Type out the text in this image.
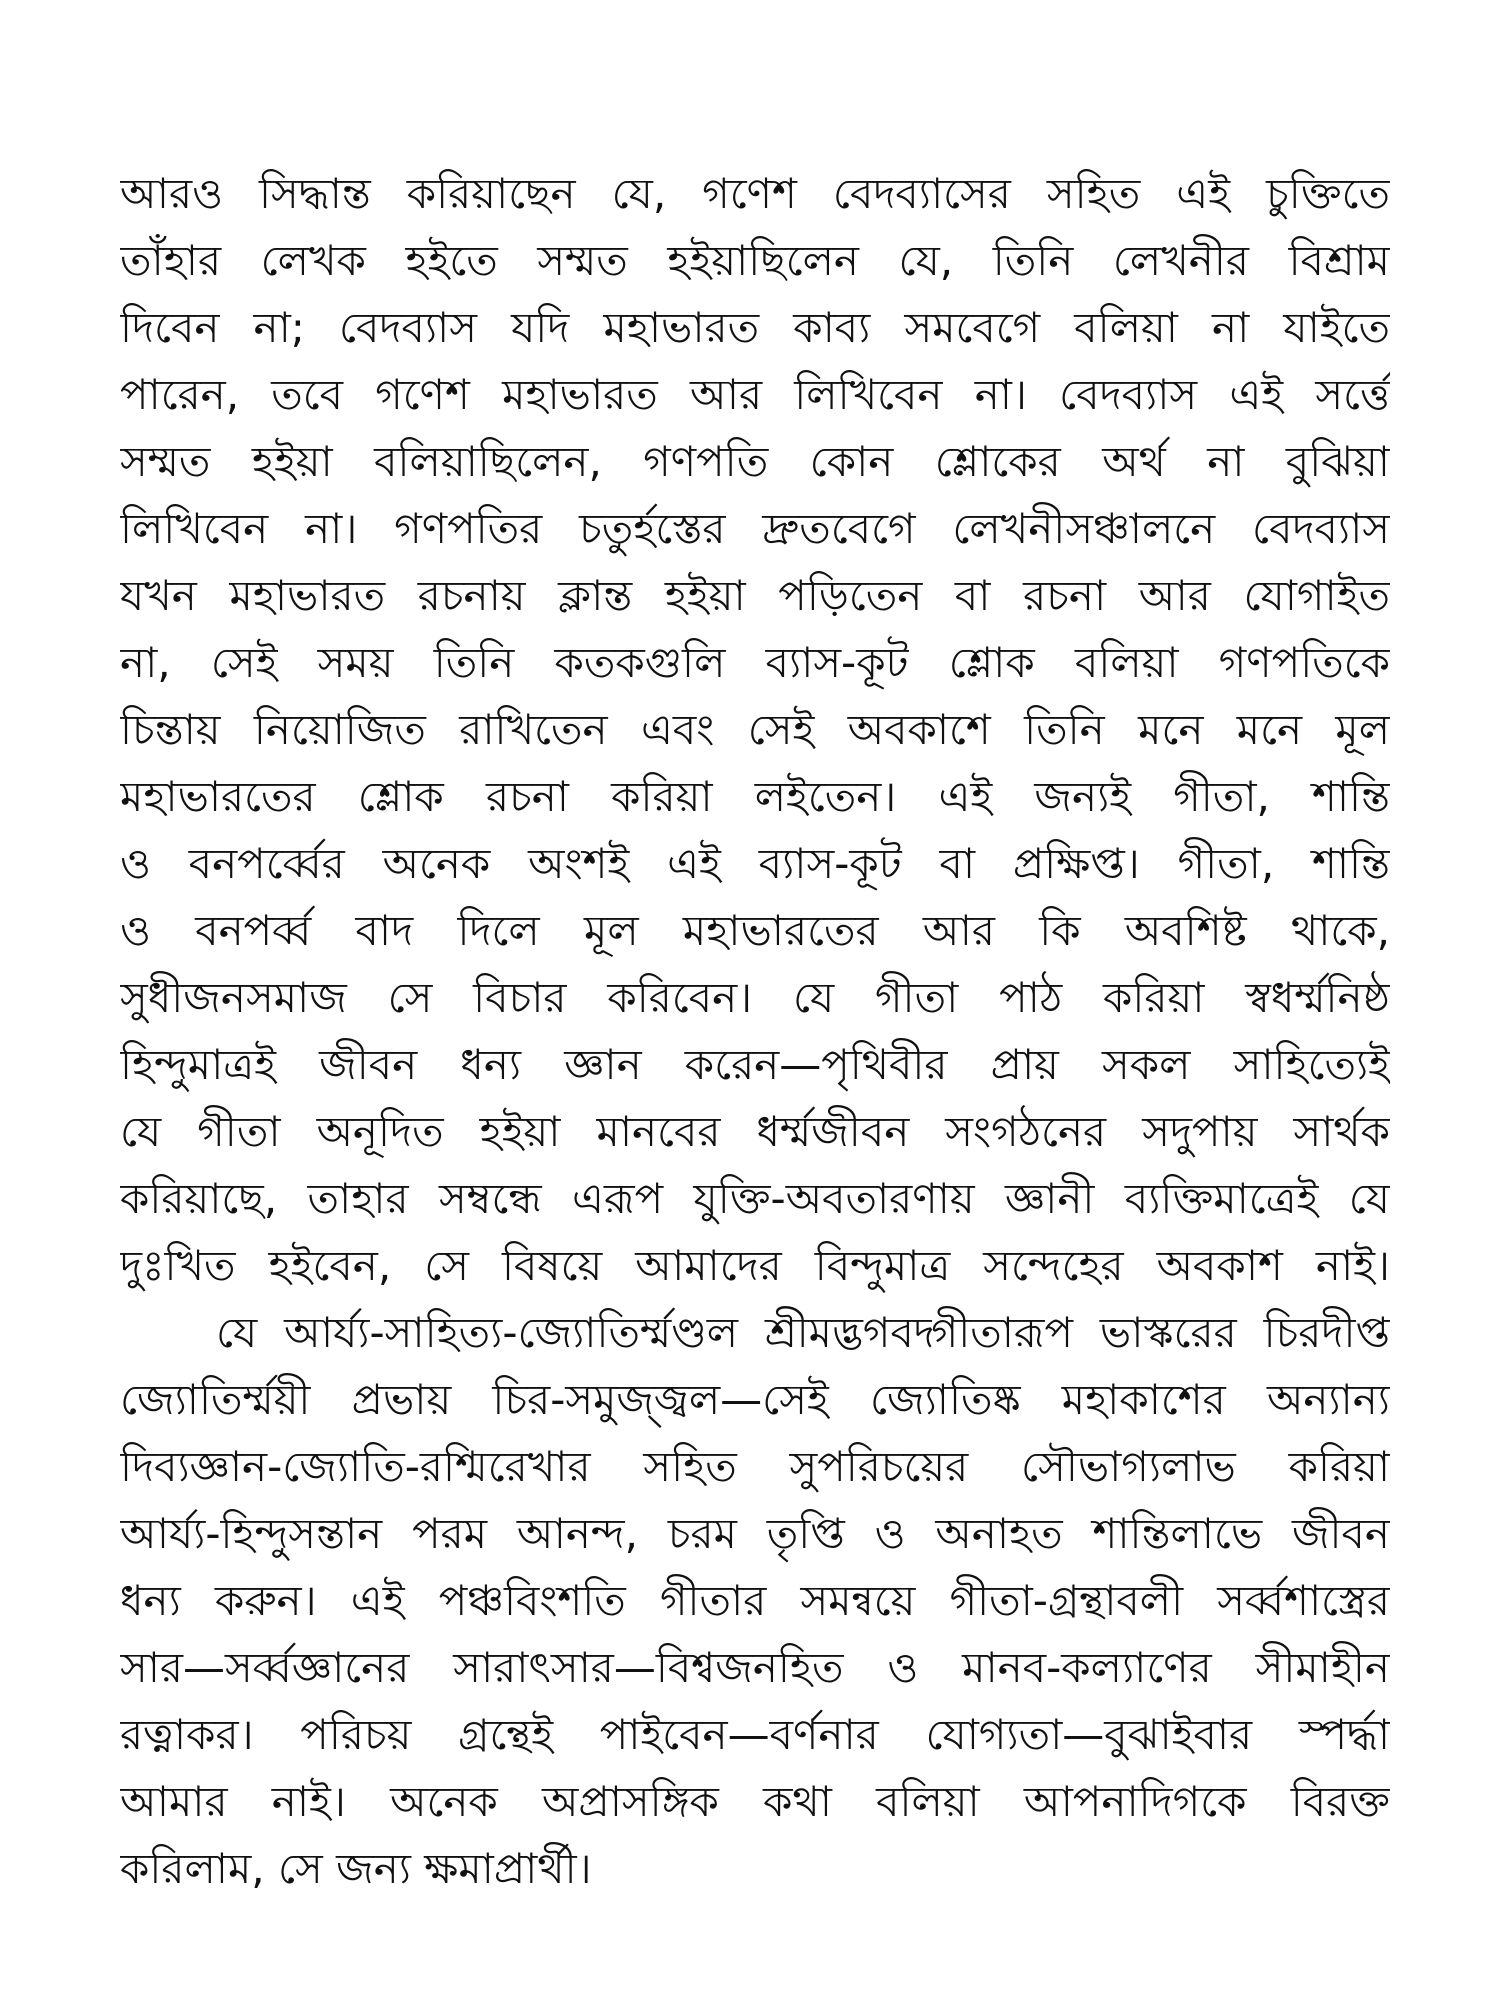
আরও সিদ্ধান্ত করিয়াছেন যে, গণেশ বেদব্যাসের সহিত এই চুক্তিতে
তাঁহার লেখক হইতে সম্মত হইয়াছিলেন যে, তিনি লেখনীর বিশ্রাম
দিবেন না; বেদব্যাস যদি মহাভারত কাব্য সমবেগে বলিয়া না যাইতে
পারেন, তবে গণেশ মহাভারত আর লিখিবেন না। বেদব্যাস এই সর্ত্তে
সম্মত হইয়া বলিয়াছিলেন, গণপতি কোন শ্লোকের অর্থ না বুঝিয়া
লিখিবেন না। গণপতির চতুর্হস্তের দ্রুতবেগে লেখনীসঞ্চালনে বেদব্যাস
যখন মহাভারত রচনায় ক্লান্ত হইয়া পড়িতেন বা রচনা আর যোগাইত
না, সেই সময় তিনি কতকগুলি ব্যাস-কূট শ্লোক বলিয়া গণপতিকে
চিন্তায় নিয়োজিত রাখিতেন এবং সেই অবকাশে তিনি মনে মনে মূল
মহাভারতের শ্লোক রচনা করিয়া লইতেন। এই জন্যই গীতা, শান্তি
ও বনপর্ব্বের অনেক অংশই এই ব্যাস-কূট বা প্রক্ষিপ্ত। গীতা, শান্তি
ও বনপর্ব্ব বাদ দিলে মূল মহাভারতের আর কি অবশিষ্ট থাকে,
সুধীজনসমাজ সে বিচার করিবেন। যে গীতা পাঠ করিয়া স্বধর্ম্মনিষ্ঠ
হিন্দুমাত্রই জীবন ধন্য জ্ঞান করেন—পৃথিবীর প্রায় সকল সাহিত্যেই
যে গীতা অনূদিত হইয়া মানবের ধর্ম্মজীবন সংগঠনের সদুপায় সার্থক
করিয়াছে, তাহার সম্বন্ধে এরূপ যুক্তি-অবতারণায় জ্ঞানী ব্যক্তিমাত্রেই যে
দুঃখিত হইবেন, সে বিষয়ে আমাদের বিন্দুমাত্র সন্দেহের অবকাশ নাই।
যে আর্য্য-সাহিত্য-জ্যোতির্ম্মণ্ডল শ্রীমদ্ভগবদ্গীতারূপ ভাস্করের চিরদীপ্ত
জ্যোতির্ম্ময়ী প্রভায় চির-সমুজ্জ্বল—সেই জ্যোতিষ্ক মহাকাশের অন্যান্য
দিব্যজ্ঞান-জ্যোতি-রশ্মিরেখার সহিত সুপরিচয়ের সৌভাগ্যলাভ করিয়া
আর্য্য-হিন্দুসন্তান পরম আনন্দ, চরম তৃপ্তি ও অনাহত শান্তিলাভে জীবন
ধন্য করুন। এই পঞ্চবিংশতি গীতার সমন্বয়ে গীতা-গ্রন্থাবলী সর্ব্বশাস্ত্রের
সার—সর্ব্বজ্ঞানের সারাৎসার—বিশ্বজনহিত ও মানব-কল্যাণের সীমাহীন
রত্নাকর। পরিচয় গ্রন্থেই পাইবেন—বর্ণনার যোগ্যতা—বুঝাইবার স্পর্দ্ধা
আমার নাই। অনেক অপ্রাসঙ্গিক কথা বলিয়া আপনাদিগকে বিরক্ত
করিলাম, সে জন্য ক্ষমাপ্রার্থী।
